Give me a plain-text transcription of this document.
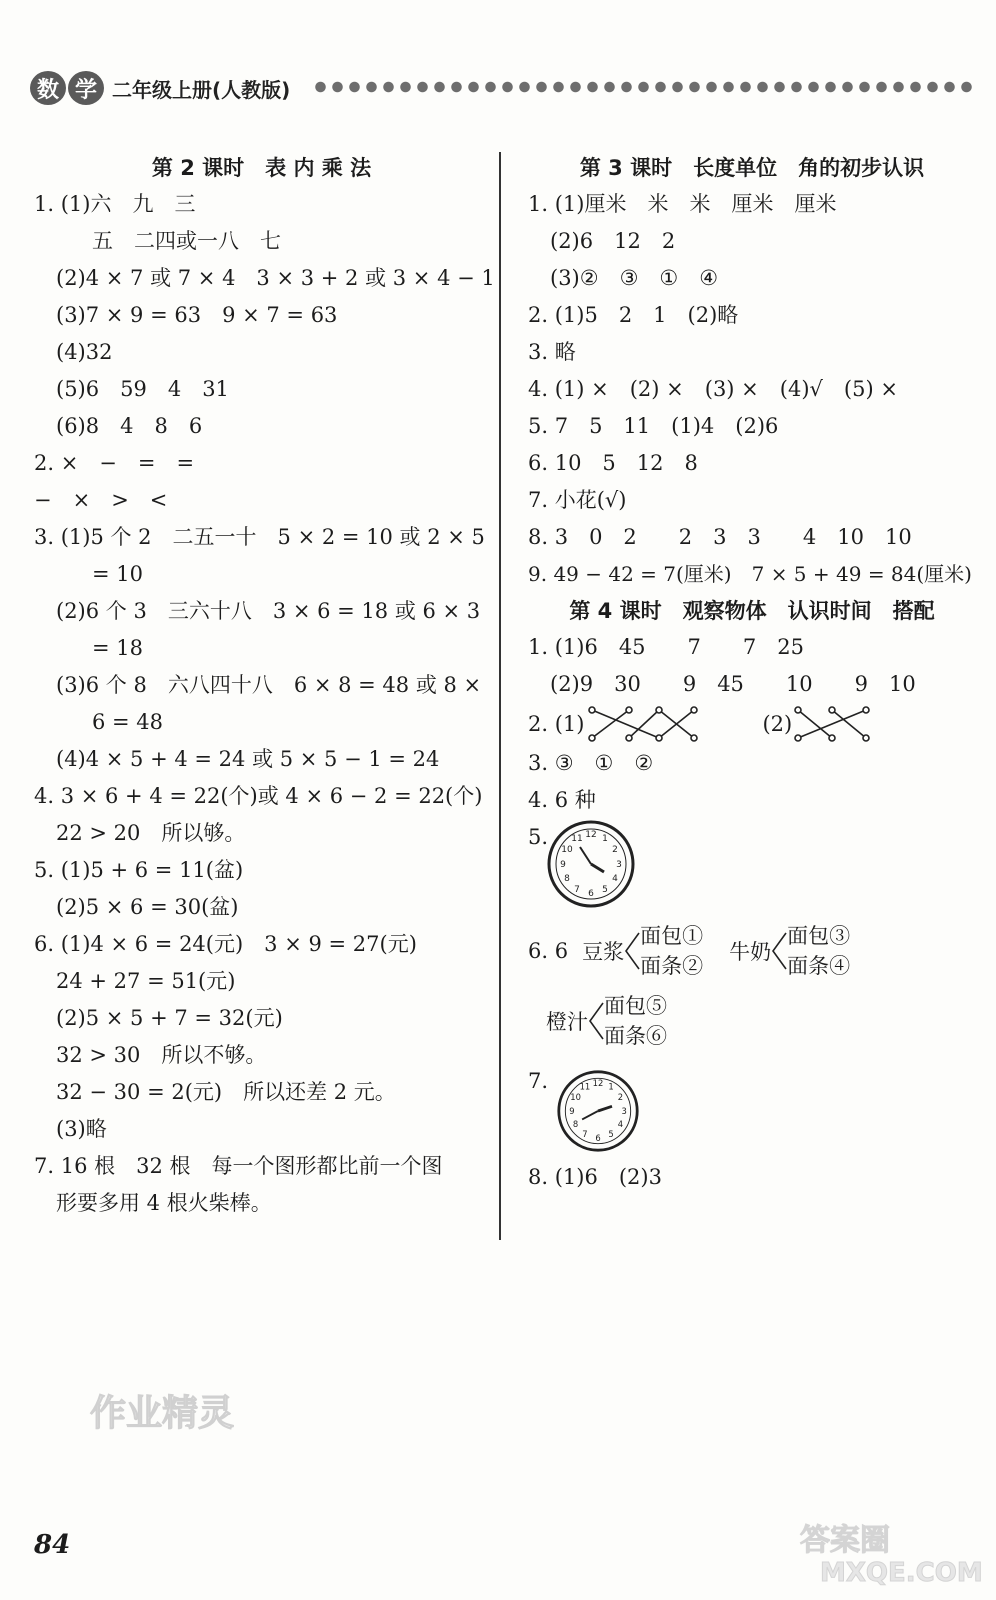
数 学 二年级上册(人教版)
第 2 课时　表 内 乘 法
1. (1)六　九　三
五　二四或一八　七
(2)4 × 7 或 7 × 4　3 × 3 + 2 或 3 × 4 − 1
(3)7 × 9 = 63　9 × 7 = 63
(4)32
(5)6　59　4　31
(6)8　4　8　6
2. ×　−　=　=
−　×　>　<
3. (1)5 个 2　二五一十　5 × 2 = 10 或 2 × 5
= 10
(2)6 个 3　三六十八　3 × 6 = 18 或 6 × 3
= 18
(3)6 个 8　六八四十八　6 × 8 = 48 或 8 ×
6 = 48
(4)4 × 5 + 4 = 24 或 5 × 5 − 1 = 24
4. 3 × 6 + 4 = 22(个)或 4 × 6 − 2 = 22(个)
22 > 20　所以够。
5. (1)5 + 6 = 11(盆)
(2)5 × 6 = 30(盆)
6. (1)4 × 6 = 24(元)　3 × 9 = 27(元)
24 + 27 = 51(元)
(2)5 × 5 + 7 = 32(元)
32 > 30　所以不够。
32 − 30 = 2(元)　所以还差 2 元。
(3)略
7. 16 根　32 根　每一个图形都比前一个图
形要多用 4 根火柴棒。
第 3 课时　长度单位　角的初步认识
1. (1)厘米　米　米　厘米　厘米
(2)6　12　2
(3)②　③　①　④
2. (1)5　2　1　(2)略
3. 略
4. (1) ×　(2) ×　(3) ×　(4)√　(5) ×
5. 7　5　11　(1)4　(2)6
6. 10　5　12　8
7. 小花(√)
8. 3　0　2　　2　3　3　　4　10　10
9. 49 − 42 = 7(厘米)　7 × 5 + 49 = 84(厘米)
第 4 课时　观察物体　认识时间　搭配
1. (1)6　45　　7　　7　25
(2)9　30　　9　45　　10　　9　10
2. (1)	(2)
3. ③　①　②
4. 6 种
5.	12 1
2
3
4
5
6
7
8
9
10
11
6. 6 豆浆
面包①
面条②
牛奶
面包③
面条④
橙汁
面包⑤
面条⑥
7.	12 1
2
3
4
5
6
7
8
9
10
11
8. (1)6　(2)3
作业精灵
答案圈
MXQE.COM
84
